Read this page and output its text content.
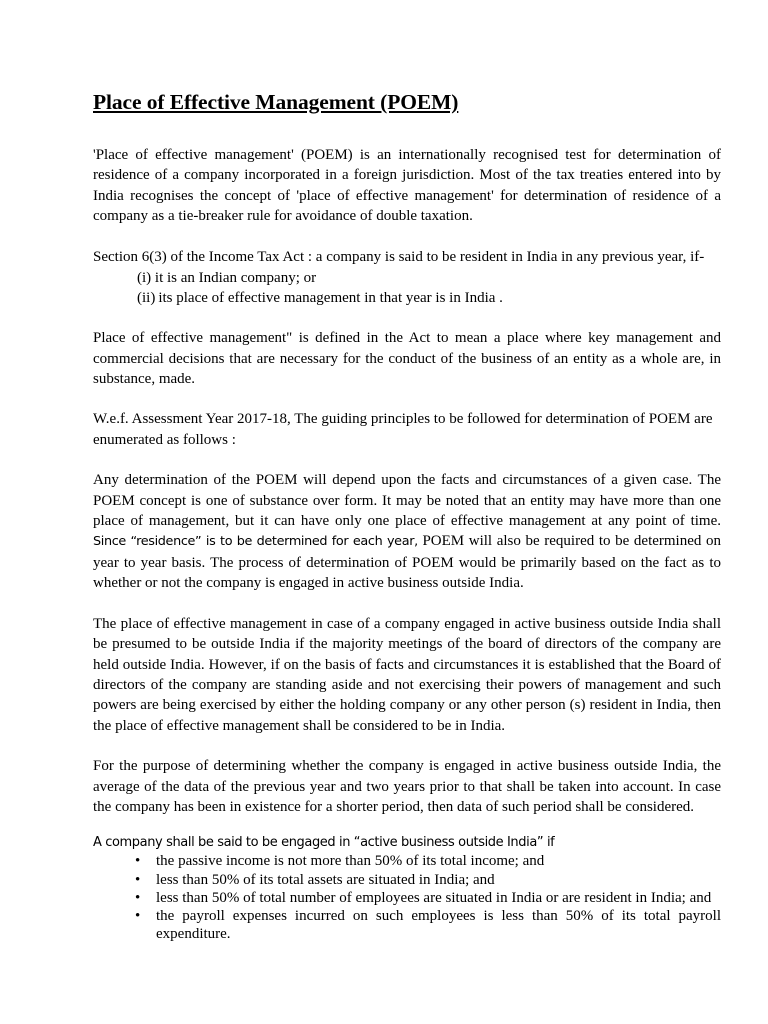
Place of Effective Management (POEM)

'Place of effective management' (POEM) is an internationally recognised test for determination of residence of a company incorporated in a foreign jurisdiction. Most of the tax treaties entered into by India recognises the concept of 'place of effective management' for determination of residence of a company as a tie-breaker rule for avoidance of double taxation.

Section 6(3) of the Income Tax Act : a company is said to be resident in India in any previous year, if-

(i) it is an Indian company; or
(ii) its place of effective management in that year is in India .

Place of effective management" is defined in the Act to mean a place where key management and commercial decisions that are necessary for the conduct of the business of an entity as a whole are, in substance, made.

W.e.f. Assessment Year 2017-18, The guiding principles to be followed for determination of POEM are enumerated as follows :

Any determination of the POEM will depend upon the facts and circumstances of a given case. The POEM concept is one of substance over form. It may be noted that an entity may have more than one place of management, but it can have only one place of effective management at any point of time. Since “residence” is to be determined for each year, POEM will also be required to be determined on year to year basis. The process of determination of POEM would be primarily based on the fact as to whether or not the company is engaged in active business outside India.

The place of effective management in case of a company engaged in active business outside India shall be presumed to be outside India if the majority meetings of the board of directors of the company are held outside India. However, if on the basis of facts and circumstances it is established that the Board of directors of the company are standing aside and not exercising their powers of management and such powers are being exercised by either the holding company or any other person (s) resident in India, then the place of effective management shall be considered to be in India.

For the purpose of determining whether the company is engaged in active business outside India, the average of the data of the previous year and two years prior to that shall be taken into account. In case the company has been in existence for a shorter period, then data of such period shall be considered.

A company shall be said to be engaged in “active business outside India” if

• the passive income is not more than 50% of its total income; and
• less than 50% of its total assets are situated in India; and
• less than 50% of total number of employees are situated in India or are resident in India; and
• the payroll expenses incurred on such employees is less than 50% of its total payroll expenditure.
